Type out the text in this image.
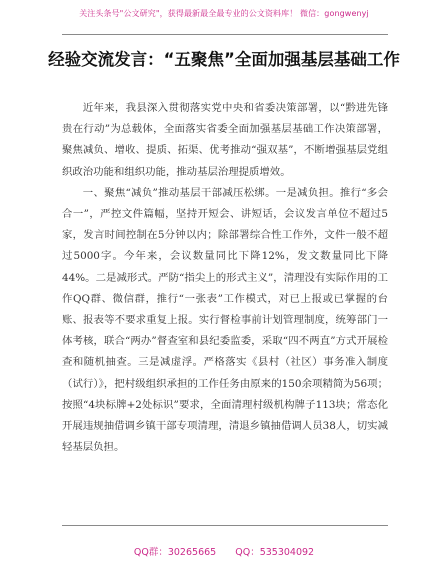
关注头条号"公文研究"，获得最新最全最专业的公文资料库！ 微信：gongwenyj
经验交流发言：“五聚焦”全面加强基层基础工作

近年来，我县深入贯彻落实党中央和省委决策部署，以“黔进先锋贵在行动”为总载体，全面落实省委全面加强基层基础工作决策部署，聚焦减负、增收、提质、拓渠、优考推动“强双基”，不断增强基层党组织政治功能和组织功能，推动基层治理提质增效。

一、聚焦“减负”推动基层干部减压松绑。一是减负担。推行“多会合一”，严控文件篇幅，坚持开短会、讲短话，会议发言单位不超过5家，发言时间控制在5分钟以内；除部署综合性工作外，文件一般不超过5000字。今年来，会议数量同比下降12%，发文数量同比下降44%。二是减形式。严防“指尖上的形式主义”，清理没有实际作用的工作QQ群、微信群，推行“一张表”工作模式，对已上报或已掌握的台账、报表等不要求重复上报。实行督检事前计划管理制度，统筹部门一体考核，联合“两办”督查室和县纪委监委，采取“四不两直”方式开展检查和随机抽查。三是减虚浮。严格落实《县村（社区）事务准入制度（试行）》，把村级组织承担的工作任务由原来的150余项精简为56项；按照“4块标牌+2处标识”要求，全面清理村级机构牌子113块；常态化开展违规抽借调乡镇干部专项清理，清退乡镇抽借调人员38人，切实减轻基层负担。

QQ群：30265665 QQ：535304092
